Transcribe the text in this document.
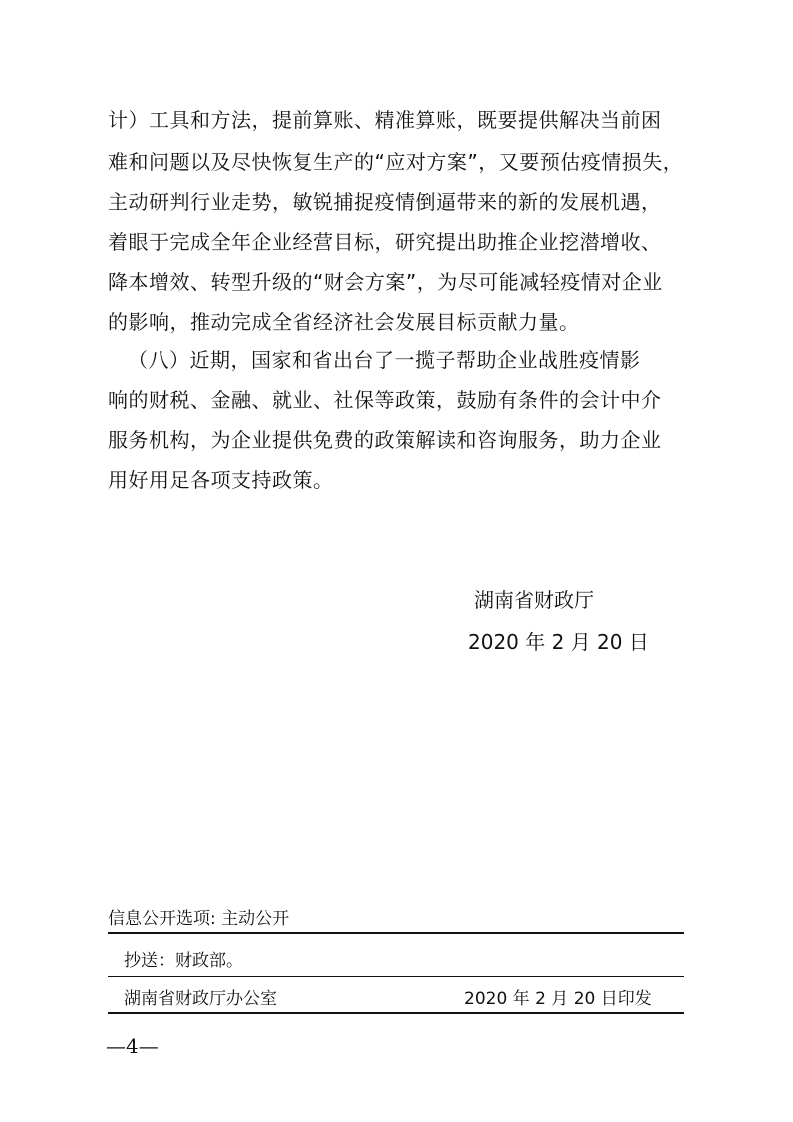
计）工具和方法，提前算账、精准算账，既要提供解决当前困
难和问题以及尽快恢复生产的“应对方案”，又要预估疫情损失，
主动研判行业走势，敏锐捕捉疫情倒逼带来的新的发展机遇，
着眼于完成全年企业经营目标，研究提出助推企业挖潜增收、
降本增效、转型升级的“财会方案”，为尽可能减轻疫情对企业
的影响，推动完成全省经济社会发展目标贡献力量。
（八）近期，国家和省出台了一揽子帮助企业战胜疫情影
响的财税、金融、就业、社保等政策，鼓励有条件的会计中介
服务机构，为企业提供免费的政策解读和咨询服务，助力企业
用好用足各项支持政策。
湖南省财政厅
2020 年 2 月 20 日
信息公开选项: 主动公开
抄送：财政部。
湖南省财政厅办公室	2020 年 2 月 20 日印发
—4—
